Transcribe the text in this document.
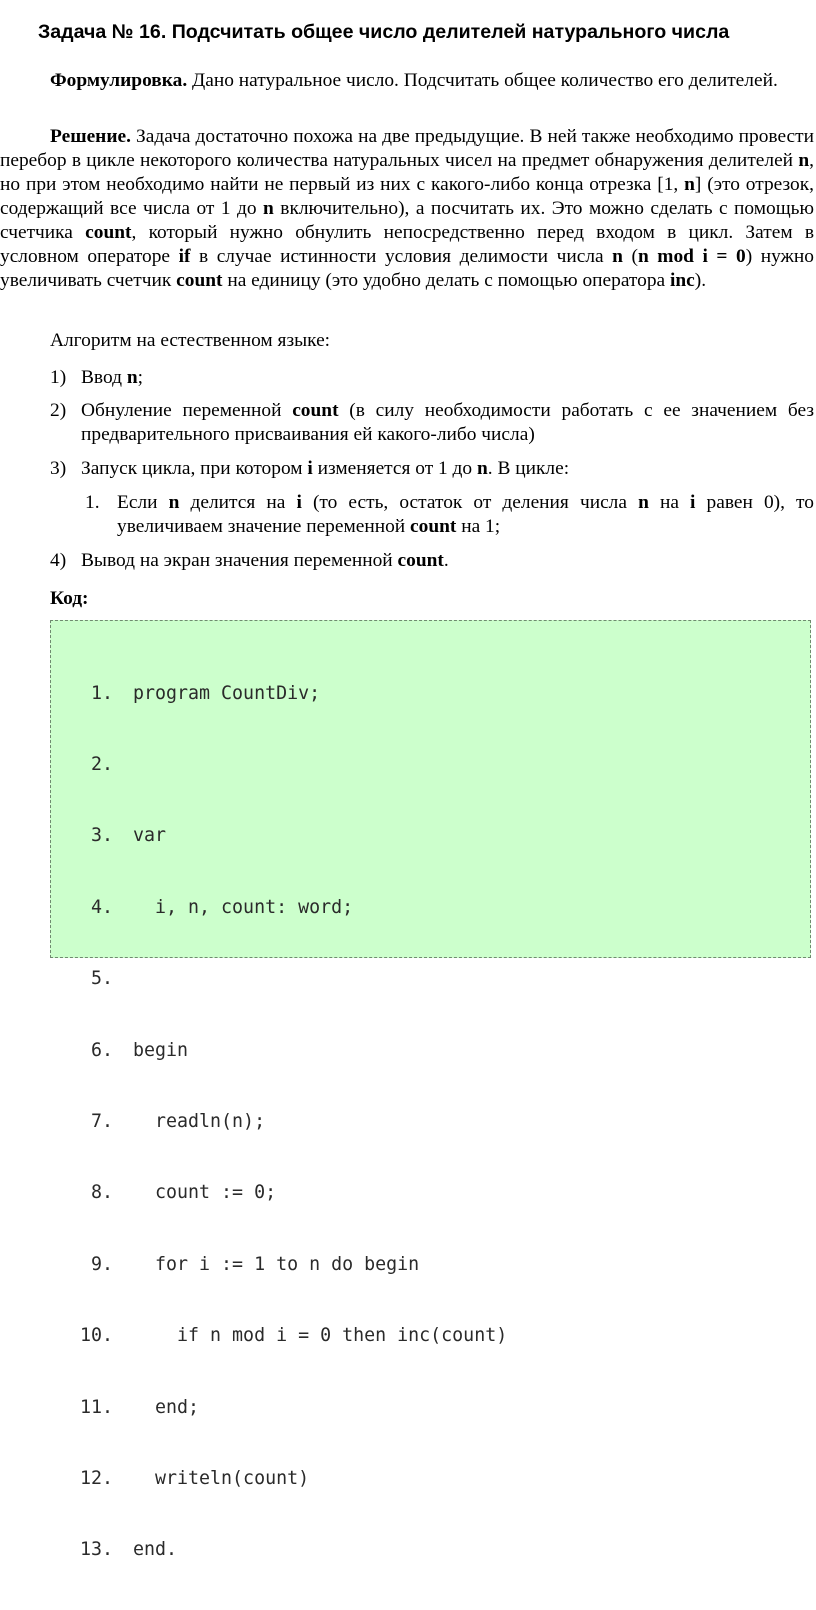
Задача № 16. Подсчитать общее число делителей натурального числа

Формулировка. Дано натуральное число. Подсчитать общее количество его делителей.

Решение. Задача достаточно похожа на две предыдущие. В ней также необходимо провести перебор в цикле некоторого количества натуральных чисел на предмет обнаружения делителей n, но при этом необходимо найти не первый из них с какого-либо конца отрезка [1, n] (это отрезок, содержащий все числа от 1 до n включительно), а посчитать их. Это можно сделать с помощью счетчика count, который нужно обнулить непосредственно перед входом в цикл. Затем в условном операторе if в случае истинности условия делимости числа n (n mod i = 0) нужно увеличивать счетчик count на единицу (это удобно делать с помощью оператора inc).

Алгоритм на естественном языке:

1) Ввод n;
2) Обнуление переменной count (в силу необходимости работать с ее значением без предварительного присваивания ей какого-либо числа)
3) Запуск цикла, при котором i изменяется от 1 до n. В цикле:
1. Если n делится на i (то есть, остаток от деления числа n на i равен 0), то увеличиваем значение переменной count на 1;
4) Вывод на экран значения переменной count.
Код:

1. program CountDiv;

2.

3. var

4.  i, n, count: word;

5.

6. begin

7.  readln(n);

8.  count := 0;

9.  for i := 1 to n do begin

10.    if n mod i = 0 then inc(count)

11.  end;

12.  writeln(count)

13. end.
